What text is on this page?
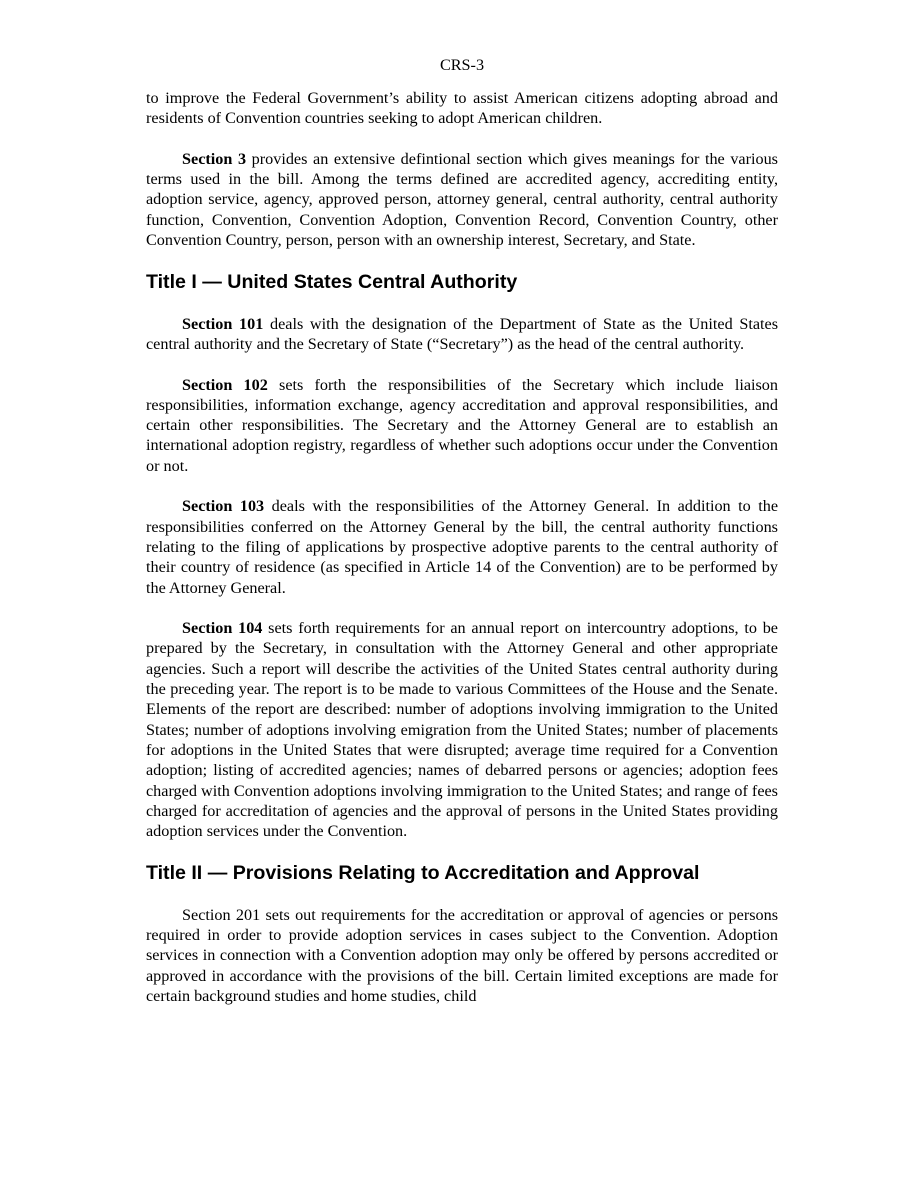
CRS-3

to improve the Federal Government’s ability to assist American citizens adopting abroad and residents of Convention countries seeking to adopt American children.

Section 3 provides an extensive defintional section which gives meanings for the various terms used in the bill. Among the terms defined are accredited agency, accrediting entity, adoption service, agency, approved person, attorney general, central authority, central authority function, Convention, Convention Adoption, Convention Record, Convention Country, other Convention Country, person, person with an ownership interest, Secretary, and State.

Title I — United States Central Authority

Section 101 deals with the designation of the Department of State as the United States central authority and the Secretary of State (“Secretary”) as the head of the central authority.

Section 102 sets forth the responsibilities of the Secretary which include liaison responsibilities, information exchange, agency accreditation and approval responsibilities, and certain other responsibilities. The Secretary and the Attorney General are to establish an international adoption registry, regardless of whether such adoptions occur under the Convention or not.

Section 103 deals with the responsibilities of the Attorney General. In addition to the responsibilities conferred on the Attorney General by the bill, the central authority functions relating to the filing of applications by prospective adoptive parents to the central authority of their country of residence (as specified in Article 14 of the Convention) are to be performed by the Attorney General.

Section 104 sets forth requirements for an annual report on intercountry adoptions, to be prepared by the Secretary, in consultation with the Attorney General and other appropriate agencies. Such a report will describe the activities of the United States central authority during the preceding year. The report is to be made to various Committees of the House and the Senate. Elements of the report are described: number of adoptions involving immigration to the United States; number of adoptions involving emigration from the United States; number of placements for adoptions in the United States that were disrupted; average time required for a Convention adoption; listing of accredited agencies; names of debarred persons or agencies; adoption fees charged with Convention adoptions involving immigration to the United States; and range of fees charged for accreditation of agencies and the approval of persons in the United States providing adoption services under the Convention.

Title II — Provisions Relating to Accreditation and Approval

Section 201 sets out requirements for the accreditation or approval of agencies or persons required in order to provide adoption services in cases subject to the Convention. Adoption services in connection with a Convention adoption may only be offered by persons accredited or approved in accordance with the provisions of the bill. Certain limited exceptions are made for certain background studies and home studies, child
